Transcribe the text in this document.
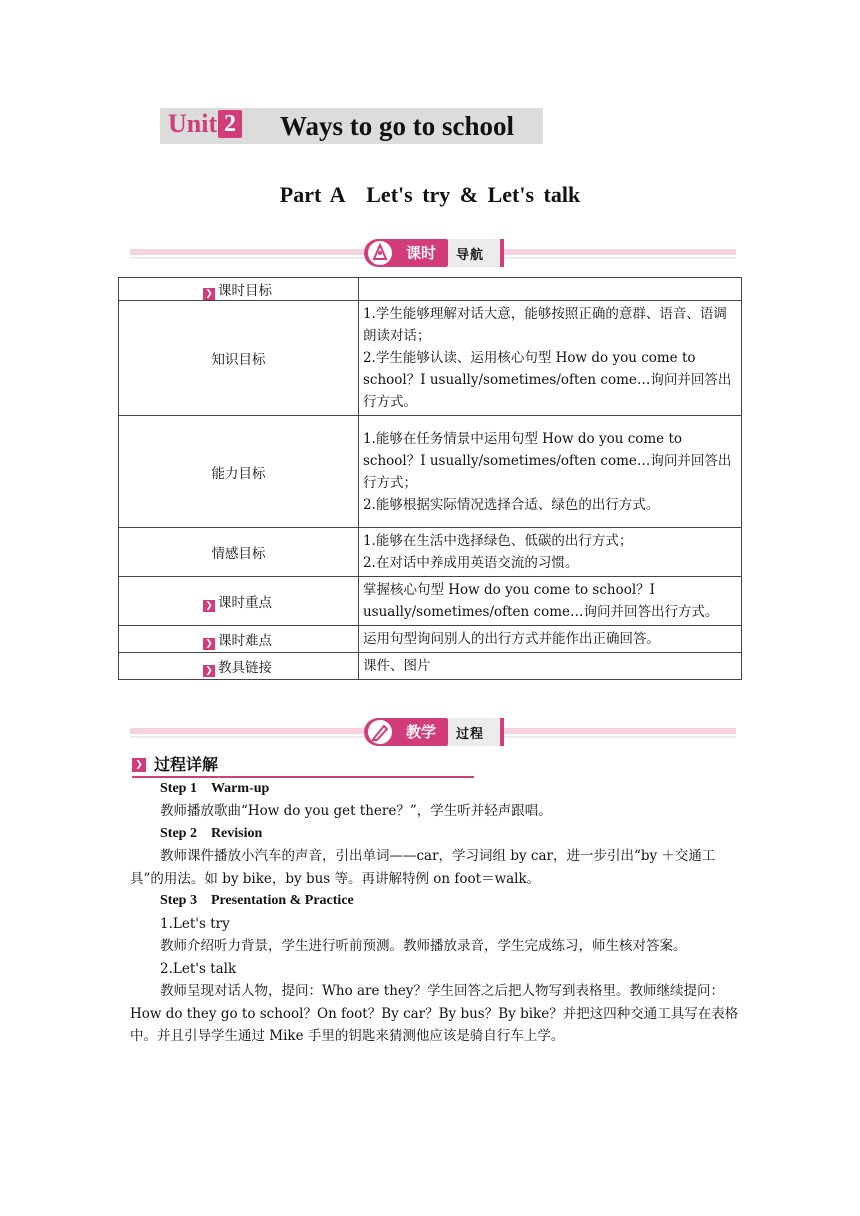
Unit 2 Ways to go to school
Part A　Let's try & Let's talk
课时 导航
❯ 课时目标	
知识目标	1.学生能够理解对话大意，能够按照正确的意群、语音、语调朗读对话；
2.学生能够认读、运用核心句型 How do you come to school？I usually/sometimes/often come…询问并回答出行方式。

能力目标	1.能够在任务情景中运用句型 How do you come to school？I usually/sometimes/often come…询问并回答出行方式；
2.能够根据实际情况选择合适、绿色的出行方式。

情感目标	1.能够在生活中选择绿色、低碳的出行方式；
2.在对话中养成用英语交流的习惯。

❯ 课时重点	掌握核心句型 How do you come to school？I usually/sometimes/often come…询问并回答出行方式。

❯ 课时难点	运用句型询问别人的出行方式并能作出正确回答。

❯ 教具链接	课件、图片
教学 过程
❯ 过程详解
Step 1　Warm-up
教师播放歌曲“How do you get there？”，学生听并轻声跟唱。
Step 2　Revision
教师课件播放小汽车的声音，引出单词——car，学习词组 by car，进一步引出“by ＋交通工具”的用法。如 by bike，by bus 等。再讲解特例 on foot＝walk。
Step 3　Presentation & Practice
1.Let's try
教师介绍听力背景，学生进行听前预测。教师播放录音，学生完成练习，师生核对答案。
2.Let's talk
教师呈现对话人物，提问：Who are they？学生回答之后把人物写到表格里。教师继续提问：How do they go to school？On foot？By car？By bus？By bike？并把这四种交通工具写在表格中。并且引导学生通过 Mike 手里的钥匙来猜测他应该是骑自行车上学。
